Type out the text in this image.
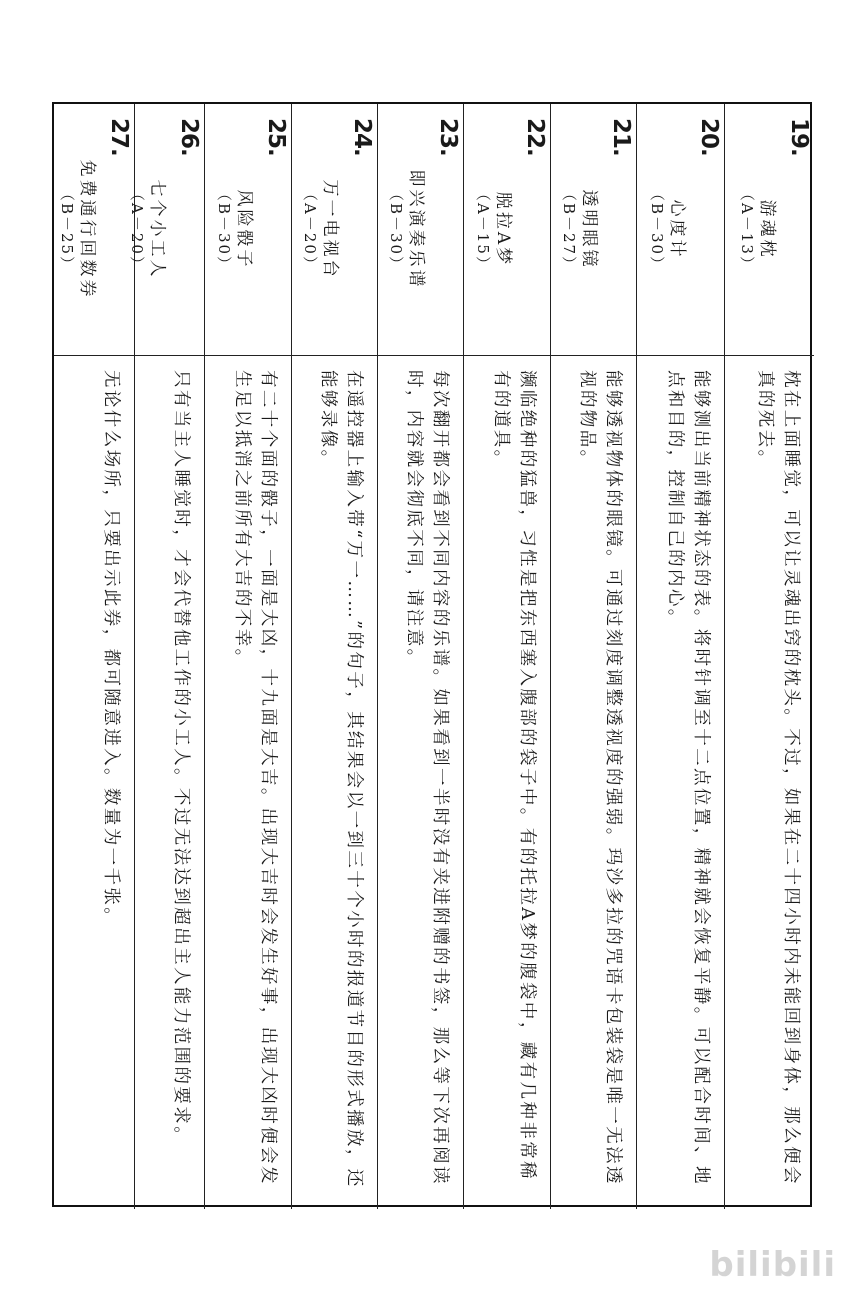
19.
游魂枕
（A－13）

枕在上面睡觉，可以让灵魂出窍的枕头。不过，如果在二十四小时内未能回到身体，那么便会真的死去。

20.
心度计
（B－30）

能够测出当前精神状态的表。将时针调至十二点位置，精神就会恢复平静。可以配合时间、地点和目的，控制自己的内心。

21.
透明眼镜
（B－27）

能够透视物体的眼镜。可通过刻度调整透视度的强弱。玛沙多拉的咒语卡包装袋是唯一无法透视的物品。

22.
脱拉A梦
（A－15）

濒临绝种的猛兽，习性是把东西塞入腹部的袋子中。有的托拉A梦的腹袋中，藏有几种非常稀有的道具。

23.
即兴演奏乐谱
（B－30）

每次翻开都会看到不同内容的乐谱。如果看到一半时没有夹进附赠的书签，那么等下次再阅读时，内容就会彻底不同，请注意。

24.
万一电视台
（A－20）

在遥控器上输入带“万一……”的句子，其结果会以一到三十个小时的报道节目的形式播放，还能够录像。

25.
风险骰子
（B－30）

有二十个面的骰子，一面是大凶，十九面是大吉。出现大吉时会发生好事，出现大凶时便会发生足以抵消之前所有大吉的不幸。

26.
七个小工人
（A－20）

只有当主人睡觉时，才会代替他工作的小工人。不过无法达到超出主人能力范围的要求。

27.
免费通行回数券
（B－25）

无论什么场所，只要出示此券，都可随意进入。数量为一千张。

bilibili
